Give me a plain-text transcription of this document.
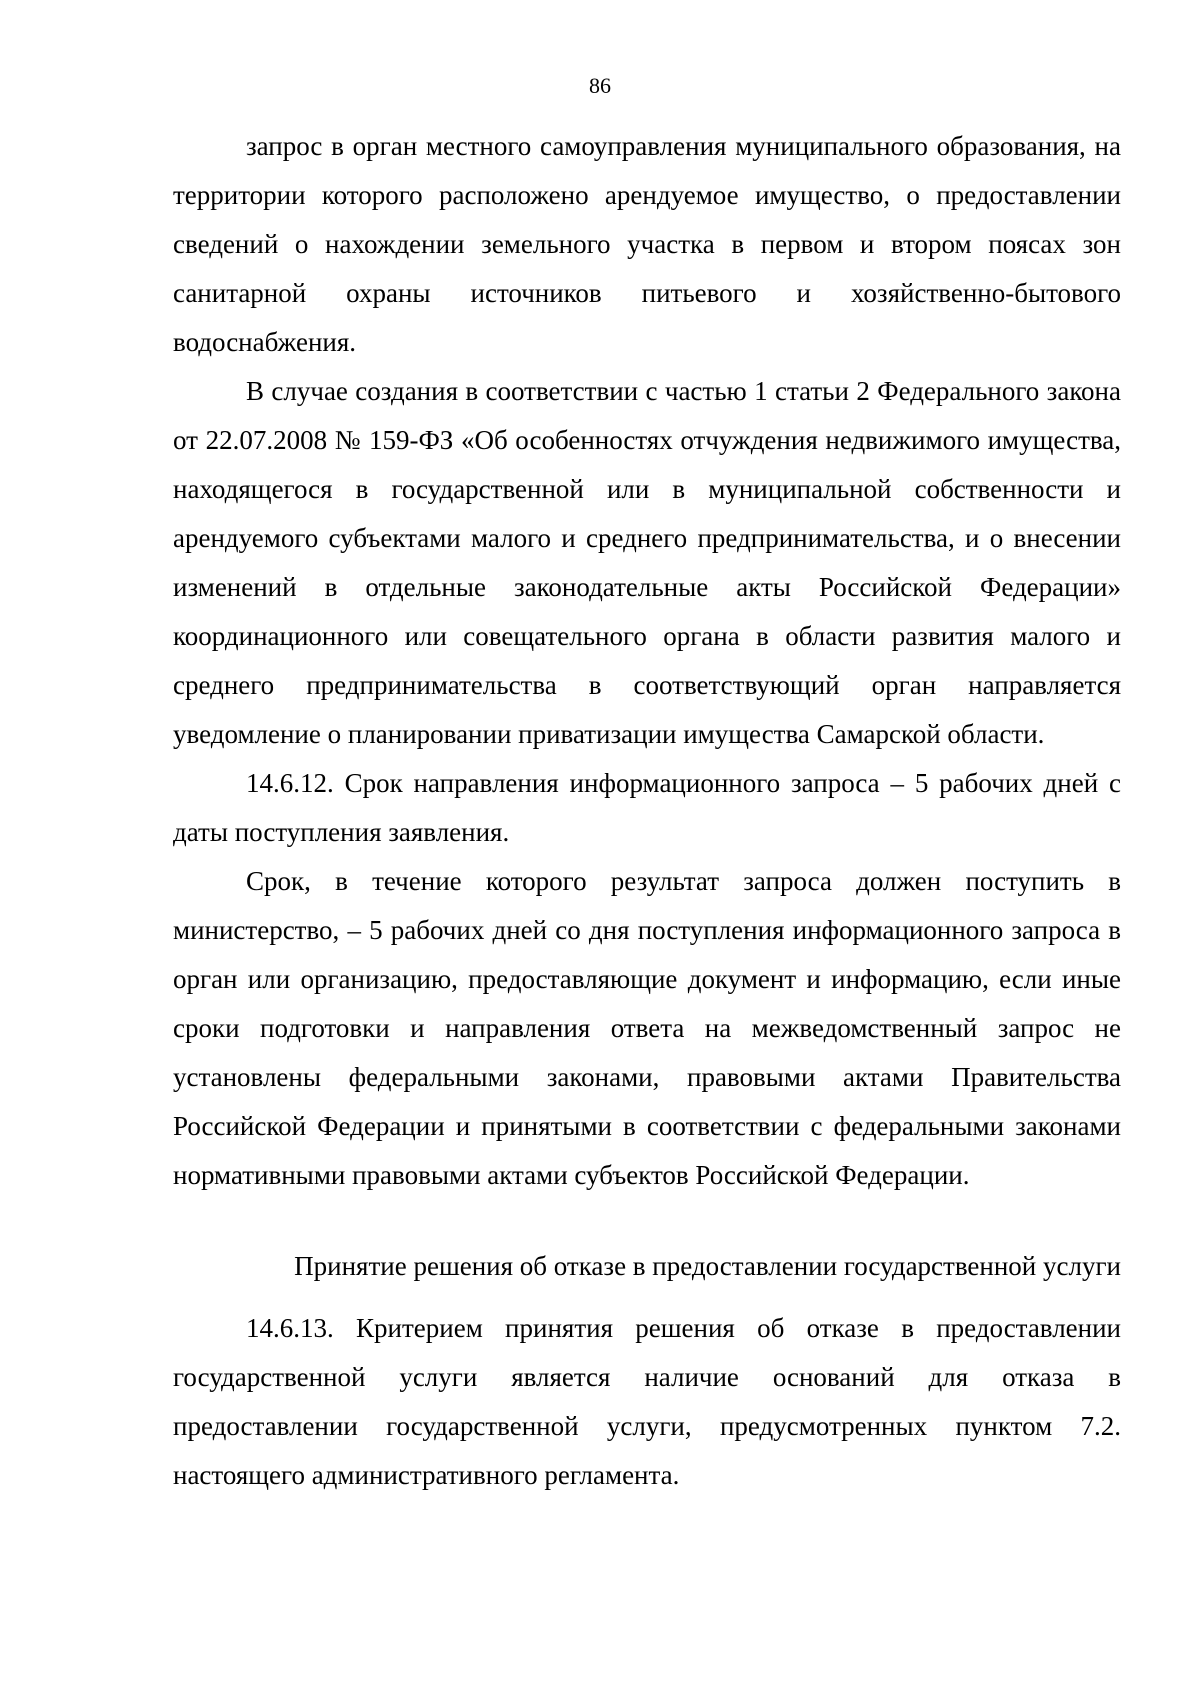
86

запрос в орган местного самоуправления муниципального образования, на территории которого расположено арендуемое имущество, о предоставлении сведений о нахождении земельного участка в первом и втором поясах зон санитарной охраны источников питьевого и хозяйственно-бытового водоснабжения.

В случае создания в соответствии с частью 1 статьи 2 Федерального закона от 22.07.2008 № 159-ФЗ «Об особенностях отчуждения недвижимого имущества, находящегося в государственной или в муниципальной собственности и арендуемого субъектами малого и среднего предпринимательства, и о внесении изменений в отдельные законодательные акты Российской Федерации» координационного или совещательного органа в области развития малого и среднего предпринимательства в соответствующий орган направляется уведомление о планировании приватизации имущества Самарской области.

14.6.12. Срок направления информационного запроса – 5 рабочих дней с даты поступления заявления.

Срок, в течение которого результат запроса должен поступить в министерство, – 5 рабочих дней со дня поступления информационного запроса в орган или организацию, предоставляющие документ и информацию, если иные сроки подготовки и направления ответа на межведомственный запрос не установлены федеральными законами, правовыми актами Правительства Российской Федерации и принятыми в соответствии с федеральными законами нормативными правовыми актами субъектов Российской Федерации.

Принятие решения об отказе в предоставлении государственной услуги

14.6.13. Критерием принятия решения об отказе в предоставлении государственной услуги является наличие оснований для отказа в предоставлении государственной услуги, предусмотренных пунктом 7.2. настоящего административного регламента.
